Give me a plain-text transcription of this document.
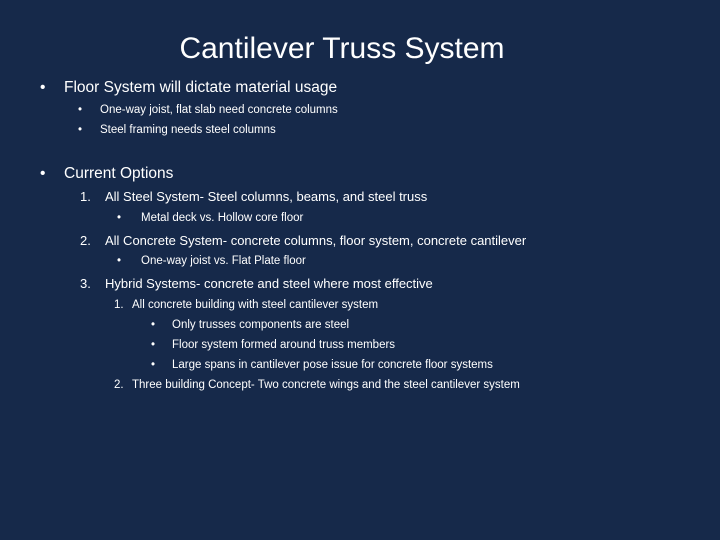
Cantilever Truss System
• Floor System will dictate material usage
• One-way joist, flat slab need concrete columns
• Steel framing needs steel columns
• Current Options
1. All Steel System- Steel columns, beams, and steel truss
• Metal deck vs. Hollow core floor
2. All Concrete System- concrete columns, floor system, concrete cantilever
• One-way joist vs. Flat Plate floor
3. Hybrid Systems- concrete and steel where most effective
1. All concrete building with steel cantilever system
• Only trusses components are steel
• Floor system formed around truss members
• Large spans in cantilever pose issue for concrete floor systems
2. Three building Concept- Two concrete wings and the steel cantilever system
